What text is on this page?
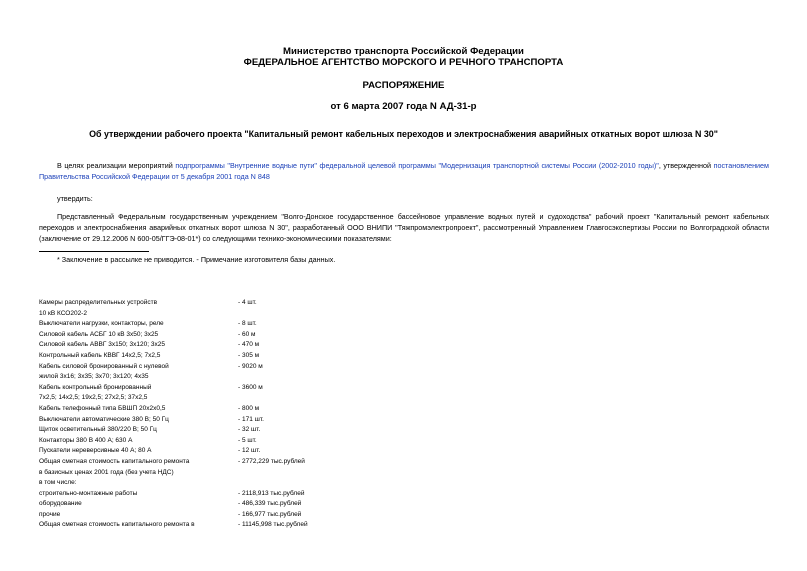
Министерство транспорта Российской Федерации
ФЕДЕРАЛЬНОЕ АГЕНТСТВО МОРСКОГО И РЕЧНОГО ТРАНСПОРТА
РАСПОРЯЖЕНИЕ
от 6 марта 2007 года N АД-31-р
Об утверждении рабочего проекта "Капитальный ремонт кабельных переходов и электроснабжения аварийных откатных ворот шлюза N 30"
В целях реализации мероприятий подпрограммы "Внутренние водные пути" федеральной целевой программы "Модернизация транспортной системы России (2002-2010 годы)", утвержденной постановлением Правительства Российской Федерации от 5 декабря 2001 года N 848
утвердить:
Представленный Федеральным государственным учреждением "Волго-Донское государственное бассейновое управление водных путей и судоходства" рабочий проект "Капитальный ремонт кабельных переходов и электроснабжения аварийных откатных ворот шлюза N 30", разработанный ООО ВНИПИ "Тяжпромэлектропроект", рассмотренный Управлением Главгосэкспертизы России по Волгоградской области (заключение от 29.12.2006 N 600-05/ГГЭ-08-01*) со следующими технико-экономическими показателями:
* Заключение в рассылке не приводится. - Примечание изготовителя базы данных.
Камеры распределительных устройств	- 4 шт.
10 кВ КСО202-2
Выключатели нагрузки, контакторы, реле	- 8 шт.
Силовой кабель АСБГ 10 кВ 3х50; 3х25	- 60 м
Силовой кабель АВВГ 3х150; 3х120; 3х25	- 470 м
Контрольный кабель КВВГ 14х2,5; 7х2,5	- 305 м
Кабель силовой бронированный с нулевой	- 9020 м
жилой 3х16; 3х35; 3х70; 3х120; 4х35
Кабель контрольный бронированный	- 3600 м
7х2,5; 14х2,5; 19х2,5; 27х2,5; 37х2,5
Кабель телефонный типа БВШП 20х2х0,5	- 800 м
Выключатели автоматические 380 В; 50 Гц	- 171 шт.
Щиток осветительный 380/220 В; 50 Гц	- 32 шт.
Контакторы 380 В 400 А; 630 А	- 5 шт.
Пускатели нереверсивные 40 А; 80 А	- 12 шт.
Общая сметная стоимость капитального ремонта	- 2772,229 тыс.рублей
в базисных ценах 2001 года (без учета НДС)
в том числе:
строительно-монтажные работы	- 2118,913 тыс.рублей
оборудование	- 486,339 тыс.рублей
прочие	- 166,977 тыс.рублей
Общая сметная стоимость капитального ремонта в	- 11145,998 тыс.рублей
